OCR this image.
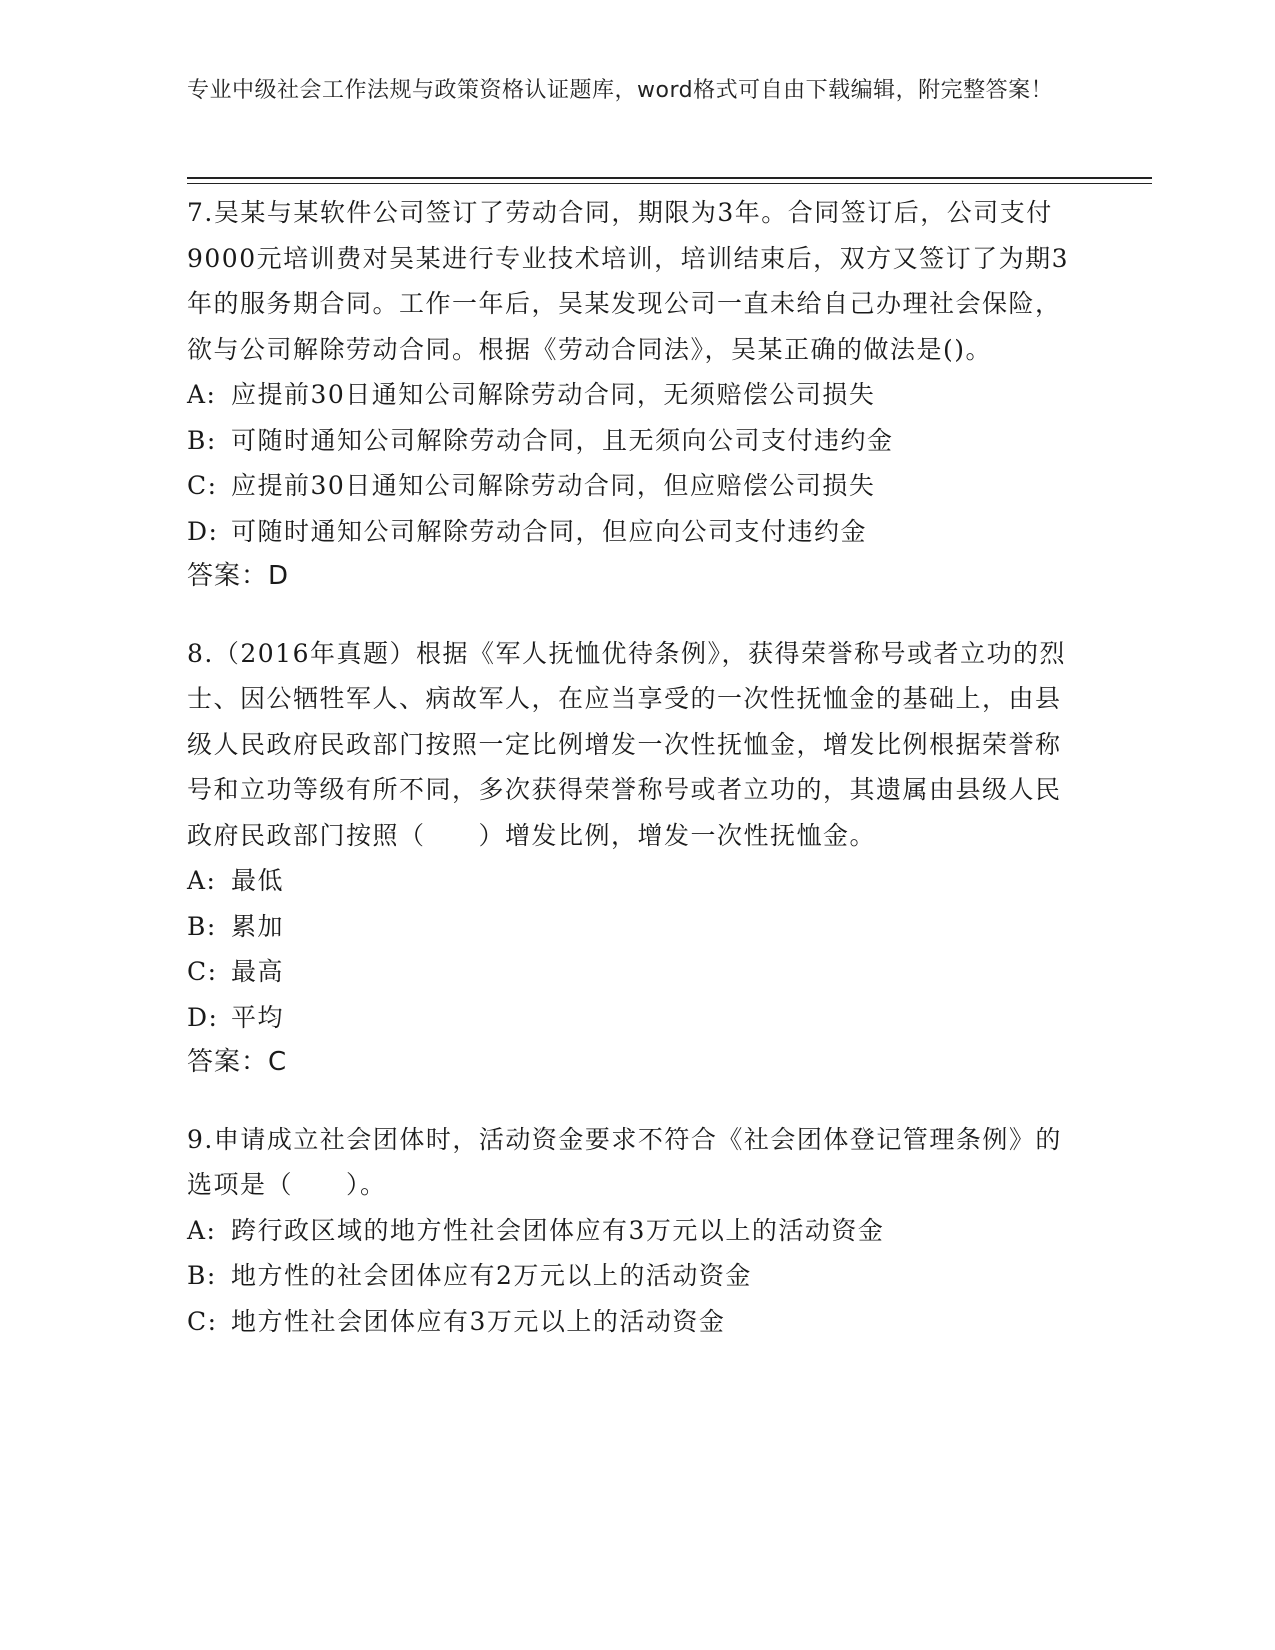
专业中级社会工作法规与政策资格认证题库，word格式可自由下载编辑，附完整答案！

7.吴某与某软件公司签订了劳动合同，期限为3年。合同签订后，公司支付9000元培训费对吴某进行专业技术培训，培训结束后，双方又签订了为期3年的服务期合同。工作一年后，吴某发现公司一直未给自己办理社会保险，欲与公司解除劳动合同。根据《劳动合同法》，吴某正确的做法是()。

A: 应提前30日通知公司解除劳动合同，无须赔偿公司损失

B: 可随时通知公司解除劳动合同，且无须向公司支付违约金

C: 应提前30日通知公司解除劳动合同，但应赔偿公司损失

D: 可随时通知公司解除劳动合同，但应向公司支付违约金

答案：D

8.（2016年真题）根据《军人抚恤优待条例》，获得荣誉称号或者立功的烈士、因公牺牲军人、病故军人，在应当享受的一次性抚恤金的基础上，由县级人民政府民政部门按照一定比例增发一次性抚恤金，增发比例根据荣誉称号和立功等级有所不同，多次获得荣誉称号或者立功的，其遗属由县级人民政府民政部门按照（　　）增发比例，增发一次性抚恤金。

A: 最低

B: 累加

C: 最高

D: 平均

答案：C

9.申请成立社会团体时，活动资金要求不符合《社会团体登记管理条例》的选项是（　　）。

A: 跨行政区域的地方性社会团体应有3万元以上的活动资金

B: 地方性的社会团体应有2万元以上的活动资金

C: 地方性社会团体应有3万元以上的活动资金
